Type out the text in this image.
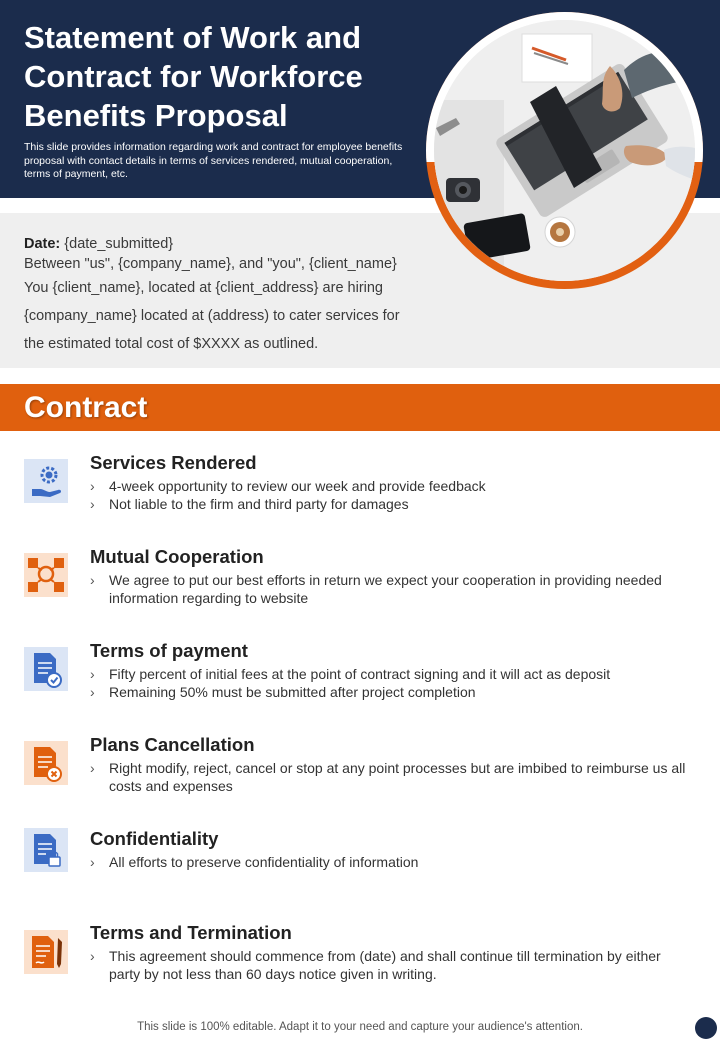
Statement of Work and
Contract for Workforce
Benefits Proposal
This slide provides information regarding work and contract for employee benefits proposal with contact details in terms of services rendered, mutual cooperation, terms of payment, etc.
Date: {date_submitted}
Between "us", {company_name}, and "you", {client_name}
You {client_name}, located at {client_address} are hiring
{company_name} located at (address) to cater services for
the estimated total cost of $XXXX as outlined.
Contract
Services Rendered
› 4-week opportunity to review our week and provide feedback
› Not liable to the firm and third party for damages
Mutual Cooperation
› We agree to put our best efforts in return we expect your cooperation in providing needed information regarding to website
Terms of payment
› Fifty percent of initial fees at the point of contract signing and it will act as deposit
› Remaining 50% must be submitted after project completion
Plans Cancellation
› Right modify, reject, cancel or stop at any point processes but are imbibed to reimburse us all costs and expenses
Confidentiality
› All efforts to preserve confidentiality of information
Terms and Termination
› This agreement should commence from (date) and shall continue till termination by either party by not less than 60 days notice given in writing.
This slide is 100% editable. Adapt it to your need and capture your audience's attention.
